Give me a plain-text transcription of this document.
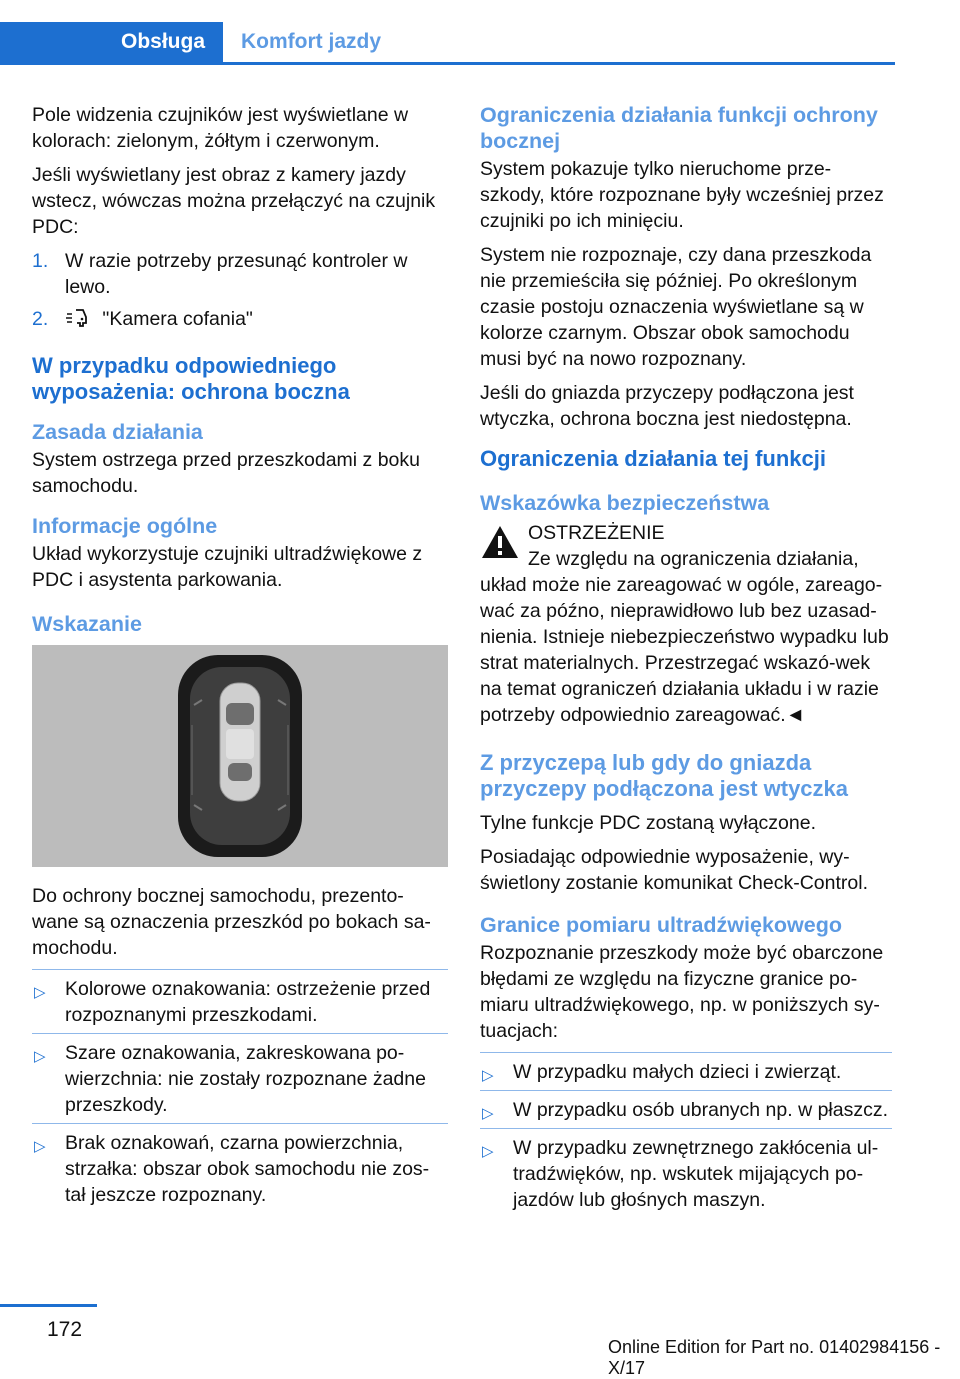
Obsługa	Komfort jazdy

Pole widzenia czujników jest wyświetlane w kolorach: zielonym, żółtym i czerwonym.

Jeśli wyświetlany jest obraz z kamery jazdy wstecz, wówczas można przełączyć na czujnik PDC:

1. W razie potrzeby przesunąć kontroler w lewo.
2.	"Kamera cofania"
W przypadku odpowiedniego wyposażenia: ochrona boczna
Zasada działania

System ostrzega przed przeszkodami z boku samochodu.

Informacje ogólne

Układ wykorzystuje czujniki ultradźwiękowe z PDC i asystenta parkowania.

Wskazanie

Do ochrony bocznej samochodu, prezento-wane są oznaczenia przeszkód po bokach sa-mochodu.

▷ Kolorowe oznakowania: ostrzeżenie przed rozpoznanymi przeszkodami.
▷ Szare oznakowania, zakreskowana po-wierzchnia: nie zostały rozpoznane żadne przeszkody.
▷ Brak oznakowań, czarna powierzchnia, strzałka: obszar obok samochodu nie zos-tał jeszcze rozpoznany.
Ograniczenia działania funkcji ochrony bocznej

System pokazuje tylko nieruchome prze-szkody, które rozpoznane były wcześniej przez czujniki po ich minięciu.

System nie rozpoznaje, czy dana przeszkoda nie przemieściła się później. Po określonym czasie postoju oznaczenia wyświetlane są w kolorze czarnym. Obszar obok samochodu musi być na nowo rozpoznany.

Jeśli do gniazda przyczepy podłączona jest wtyczka, ochrona boczna jest niedostępna.

Ograniczenia działania tej funkcji
Wskazówka bezpieczeństwa

OSTRZEŻENIE

Ze względu na ograniczenia działania,

układ może nie zareagować w ogóle, zareago-wać za późno, nieprawidłowo lub bez uzasad-nienia. Istnieje niebezpieczeństwo wypadku lub strat materialnych. Przestrzegać wskazó-wek na temat ograniczeń działania układu i w razie potrzeby odpowiednio zareagować.◄

Z przyczepą lub gdy do gniazda przyczepy podłączona jest wtyczka

Tylne funkcje PDC zostaną wyłączone.

Posiadając odpowiednie wyposażenie, wy-świetlony zostanie komunikat Check-Control.

Granice pomiaru ultradźwiękowego

Rozpoznanie przeszkody może być obarczone błędami ze względu na fizyczne granice po-miaru ultradźwiękowego, np. w poniższych sy-tuacjach:

▷ W przypadku małych dzieci i zwierząt.
▷ W przypadku osób ubranych np. w płaszcz.
▷ W przypadku zewnętrznego zakłócenia ul-tradźwięków, np. wskutek mijających po-jazdów lub głośnych maszyn.
172
Online Edition for Part no. 01402984156 - X/17
